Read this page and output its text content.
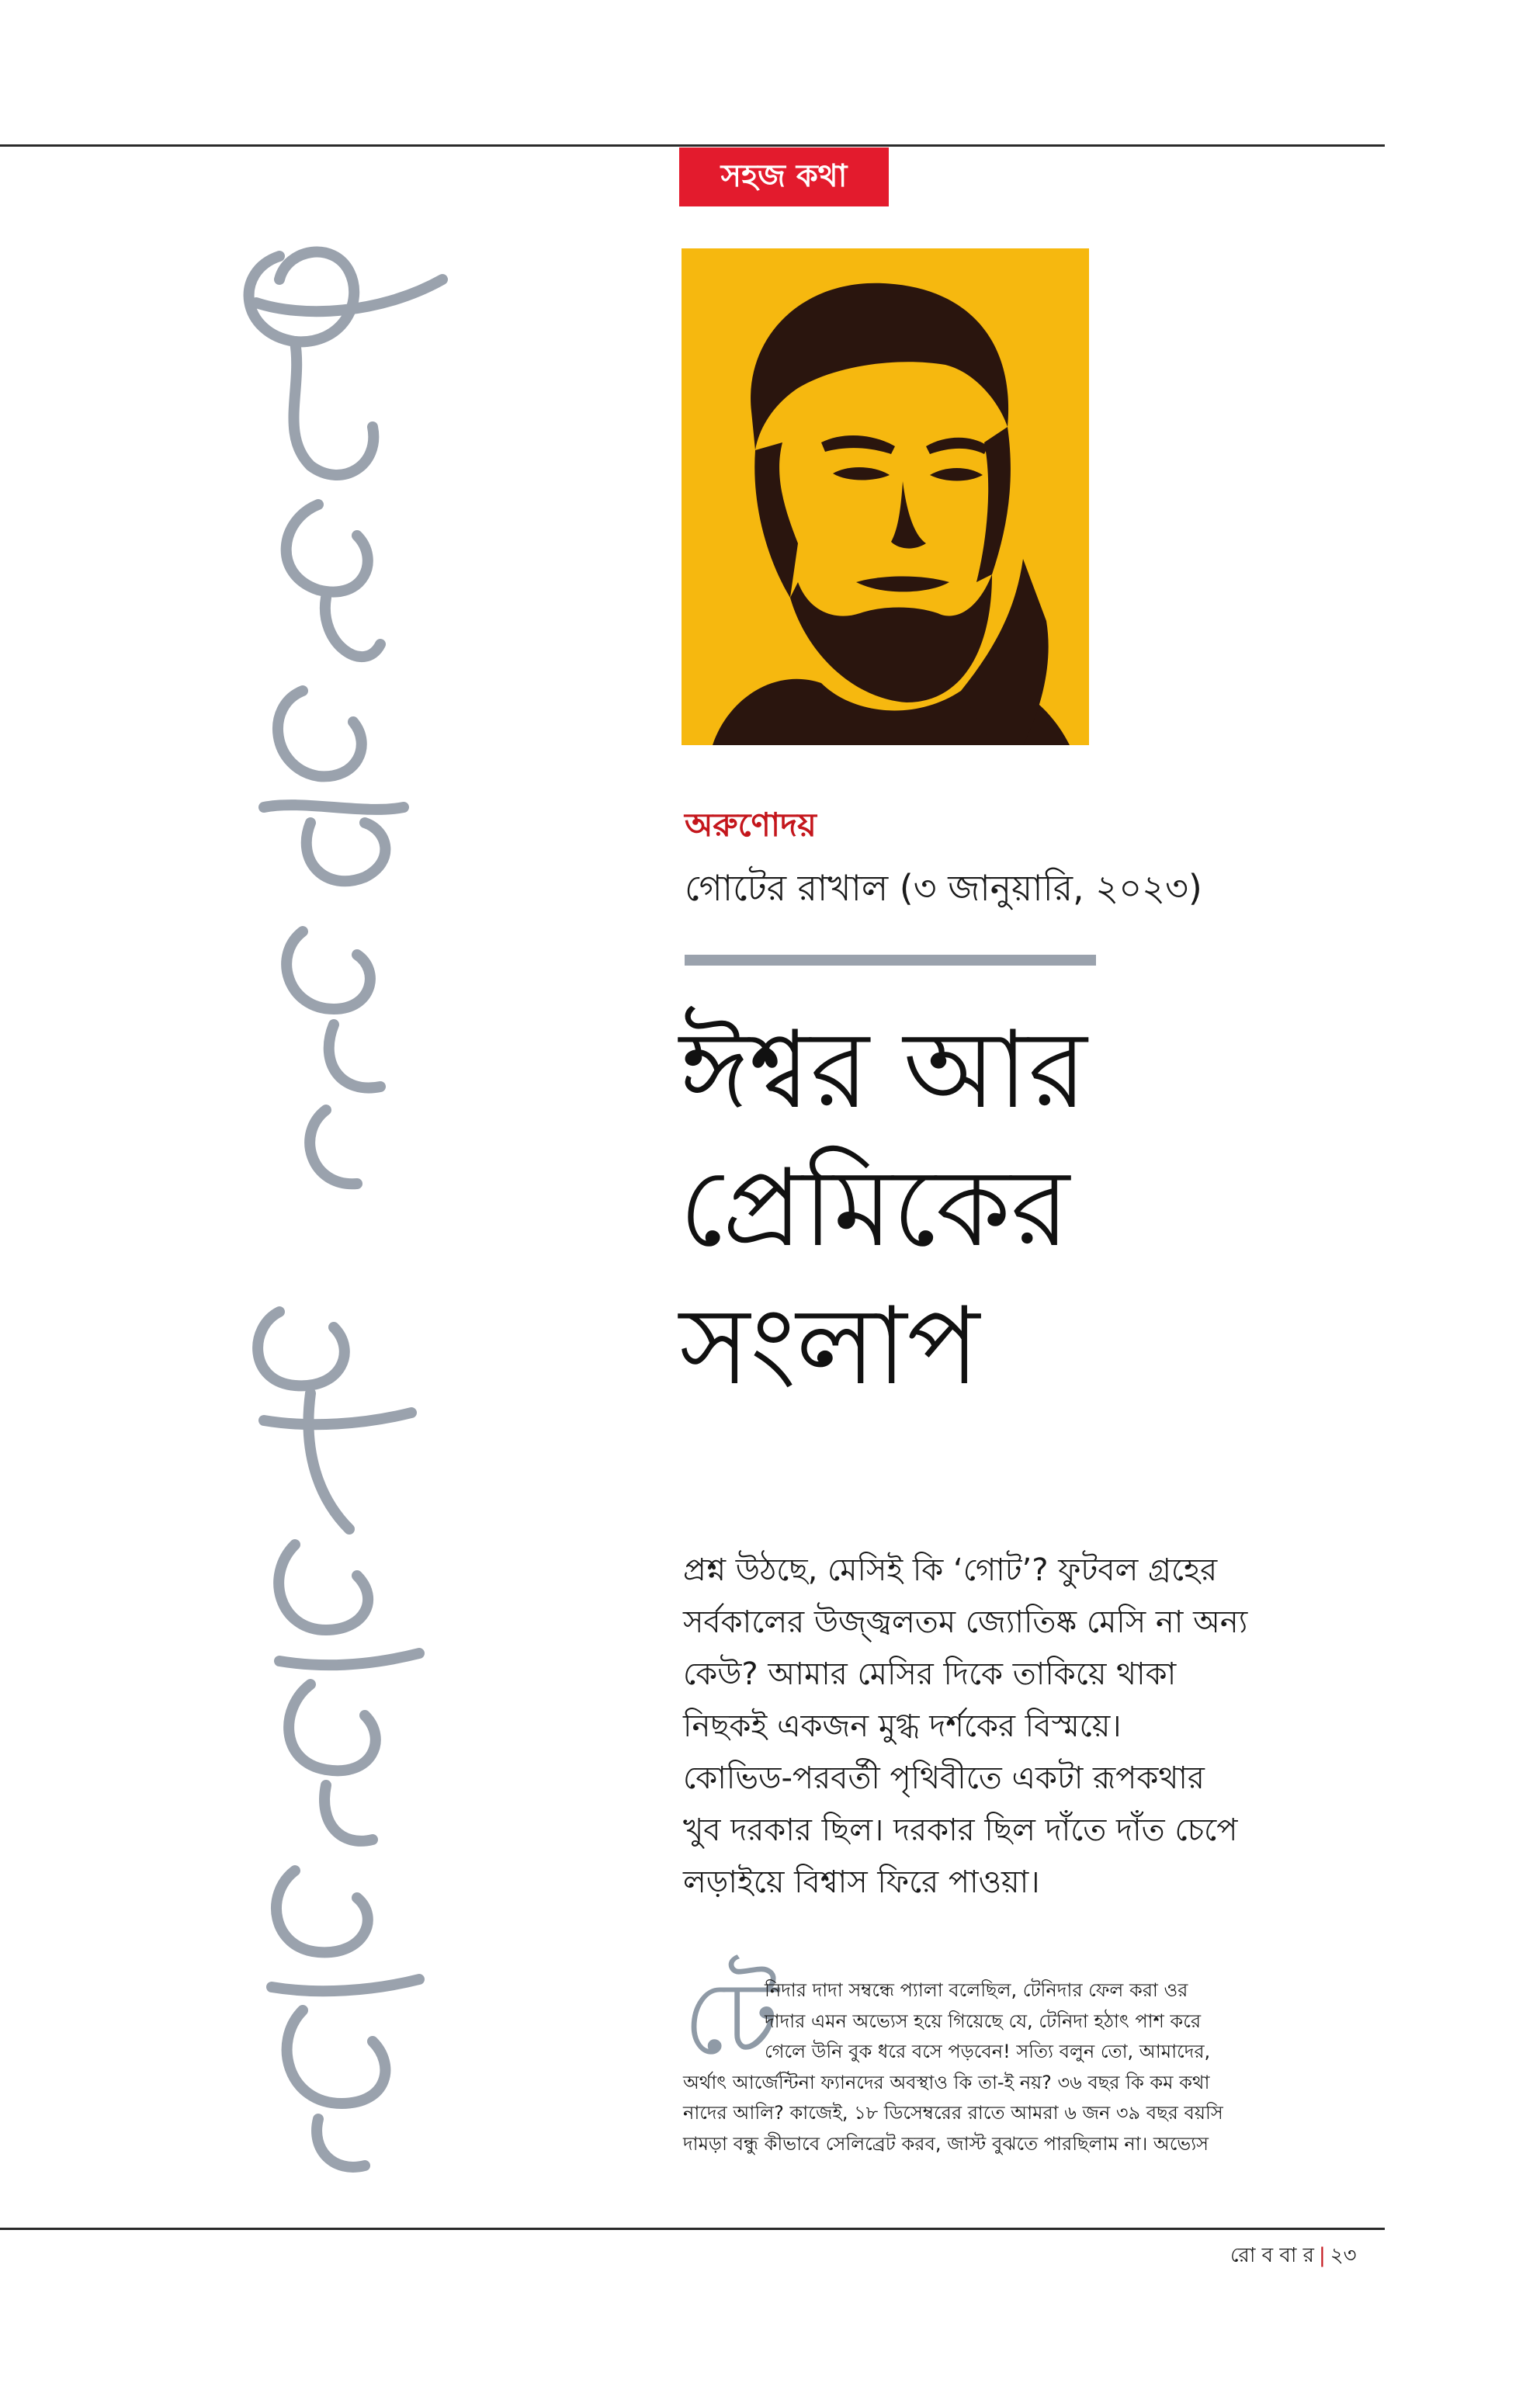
সহজ কথা
অরুণোদয়
গোটের রাখাল (৩ জানুয়ারি, ২০২৩)
ঈশ্বর আর
প্রেমিকের
সংলাপ
প্রশ্ন উঠছে, মেসিই কি ‘গোট’? ফুটবল গ্রহের
সর্বকালের উজ্জ্বলতম জ্যোতিষ্ক মেসি না অন্য
কেউ? আমার মেসির দিকে তাকিয়ে থাকা
নিছকই একজন মুগ্ধ দর্শকের বিস্ময়ে।
কোভিড-পরবর্তী পৃথিবীতে একটা রূপকথার
খুব দরকার ছিল। দরকার ছিল দাঁতে দাঁত চেপে
লড়াইয়ে বিশ্বাস ফিরে পাওয়া।
টে
নিদার দাদা সম্বন্ধে প্যালা বলেছিল, টেনিদার ফেল করা ওর
দাদার এমন অভ্যেস হয়ে গিয়েছে যে, টেনিদা হঠাৎ পাশ করে
গেলে উনি বুক ধরে বসে পড়বেন! সত্যি বলুন তো, আমাদের,
অর্থাৎ আর্জেন্টিনা ফ্যানদের অবস্থাও কি তা-ই নয়? ৩৬ বছর কি কম কথা
নাদের আলি? কাজেই, ১৮ ডিসেম্বরের রাতে আমরা ৬ জন ৩৯ বছর বয়সি
দামড়া বন্ধু কীভাবে সেলিব্রেট করব, জাস্ট বুঝতে পারছিলাম না। অভ্যেস
রো ব বা র | ২৩
